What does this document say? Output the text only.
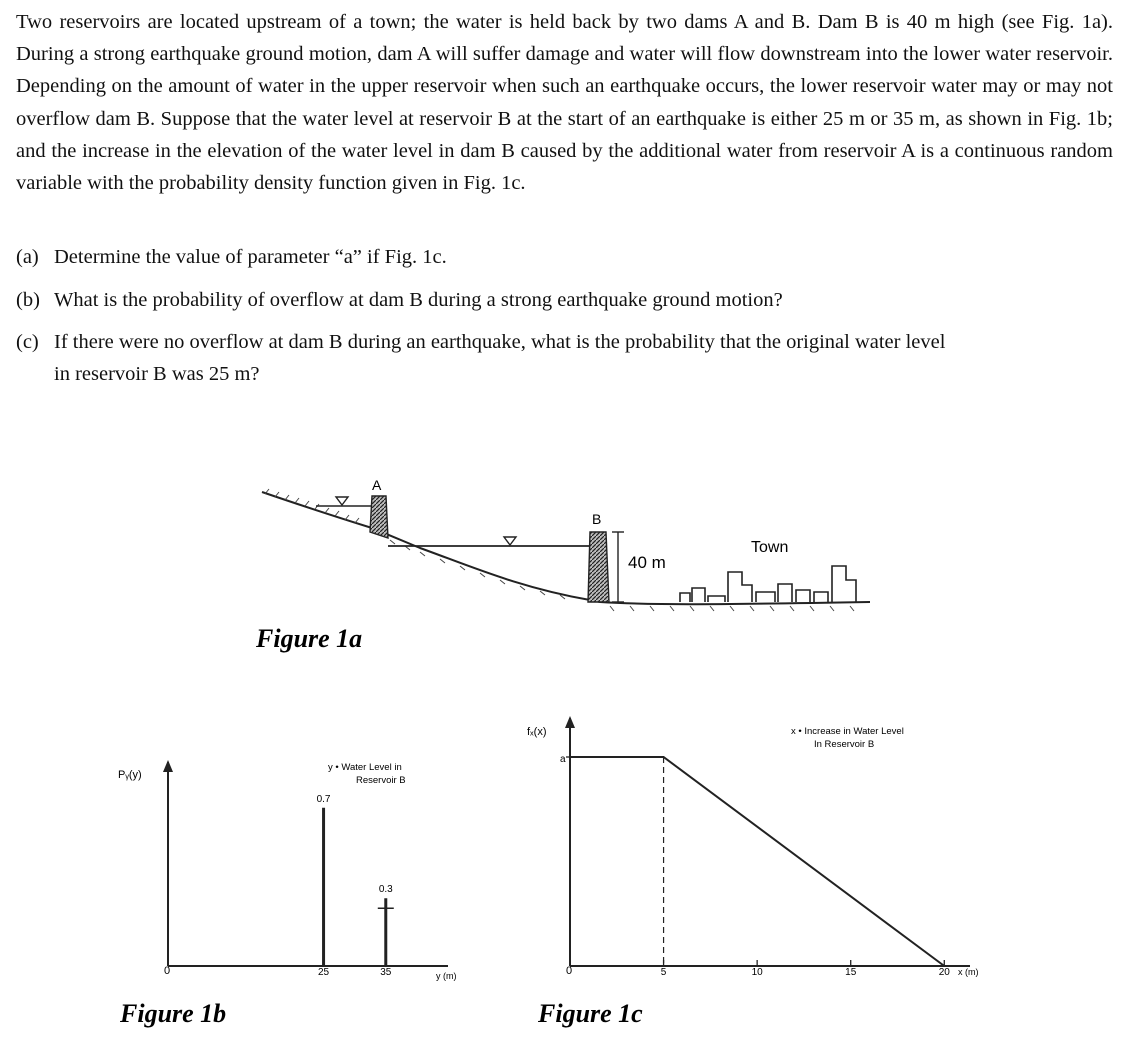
Two reservoirs are located upstream of a town; the water is held back by two dams A and B. Dam B is 40 m high (see Fig. 1a). During a strong earthquake ground motion, dam A will suffer damage and water will flow downstream into the lower water reservoir. Depending on the amount of water in the upper reservoir when such an earthquake occurs, the lower reservoir water may or may not overflow dam B. Suppose that the water level at reservoir B at the start of an earthquake is either 25 m or 35 m, as shown in Fig. 1b; and the increase in the elevation of the water level in dam B caused by the additional water from reservoir A is a continuous random variable with the probability density function given in Fig. 1c.
(a) Determine the value of parameter “a” if Fig. 1c.
(b) What is the probability of overflow at dam B during a strong earthquake ground motion?
(c) If there were no overflow at dam B during an earthquake, what is the probability that the original water level
in reservoir B was 25 m?
A
B
40 m
Town
Figure 1a
Pᵧ(y)
0	y (m)
y • Water Level in
Reservoir B
0.7
0.3
25	35
Figure 1b
fₓ(x)
a
0	x (m)
x • Increase in Water Level
In Reservoir B
5	10	15	20
Figure 1c
